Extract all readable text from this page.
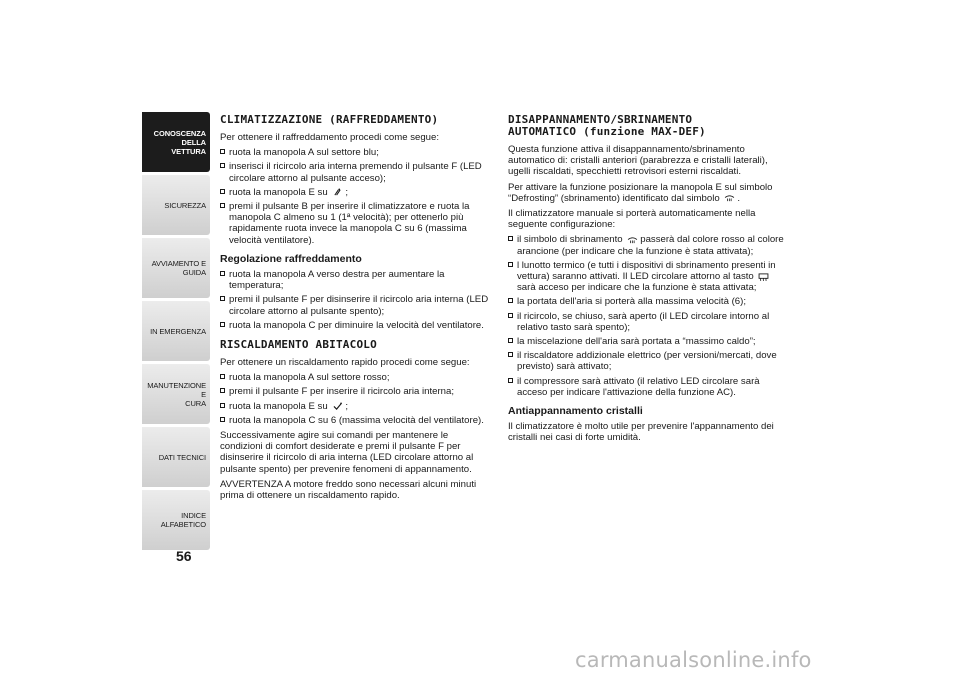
CONOSCENZA
DELLA VETTURA
SICUREZZA
AVVIAMENTO E
GUIDA
IN EMERGENZA
MANUTENZIONE E
CURA
DATI TECNICI
INDICE ALFABETICO
56
CLIMATIZZAZIONE (RAFFREDDAMENTO)

Per ottenere il raffreddamento procedi come segue:

ruota la manopola A sul settore blu;
inserisci il ricircolo aria interna premendo il pulsante F (LED circolare attorno al pulsante acceso);
ruota la manopola E su ;
premi il pulsante B per inserire il climatizzatore e ruota la manopola C almeno su 1 (1ª velocità); per ottenerlo più rapidamente ruota invece la manopola C su 6 (massima velocità ventilatore).
Regolazione raffreddamento
ruota la manopola A verso destra per aumentare la temperatura;
premi il pulsante F per disinserire il ricircolo aria interna (LED circolare attorno al pulsante spento);
ruota la manopola C per diminuire la velocità del ventilatore.
RISCALDAMENTO ABITACOLO

Per ottenere un riscaldamento rapido procedi come segue:

ruota la manopola A sul settore rosso;
premi il pulsante F per inserire il ricircolo aria interna;
ruota la manopola E su ;
ruota la manopola C su 6 (massima velocità del ventilatore).

Successivamente agire sui comandi per mantenere le condizioni di comfort desiderate e premi il pulsante F per disinserire il ricircolo di aria interna (LED circolare attorno al pulsante spento) per prevenire fenomeni di appannamento.

AVVERTENZA A motore freddo sono necessari alcuni minuti prima di ottenere un riscaldamento rapido.

DISAPPANNAMENTO/SBRINAMENTO
AUTOMATICO (funzione MAX-DEF)

Questa funzione attiva il disappannamento/sbrinamento automatico di: cristalli anteriori (parabrezza e cristalli laterali), ugelli riscaldati, specchietti retrovisori esterni riscaldati.

Per attivare la funzione posizionare la manopola E sul simbolo “Defrosting” (sbrinamento) identificato dal simbolo .

Il climatizzatore manuale si porterà automaticamente nella seguente configurazione:

il simbolo di sbrinamento passerà dal colore rosso al colore arancione (per indicare che la funzione è stata attivata);
l lunotto termico (e tutti i dispositivi di sbrinamento presenti in vettura) saranno attivati. Il LED circolare attorno al tasto sarà acceso per indicare che la funzione è stata attivata;
la portata dell'aria si porterà alla massima velocità (6);
il ricircolo, se chiuso, sarà aperto (il LED circolare intorno al relativo tasto sarà spento);
la miscelazione dell'aria sarà portata a “massimo caldo”;
il riscaldatore addizionale elettrico (per versioni/mercati, dove previsto) sarà attivato;
il compressore sarà attivato (il relativo LED circolare sarà acceso per indicare l'attivazione della funzione AC).
Antiappannamento cristalli

Il climatizzatore è molto utile per prevenire l'appannamento dei cristalli nei casi di forte umidità.

carmanualsonline.info
